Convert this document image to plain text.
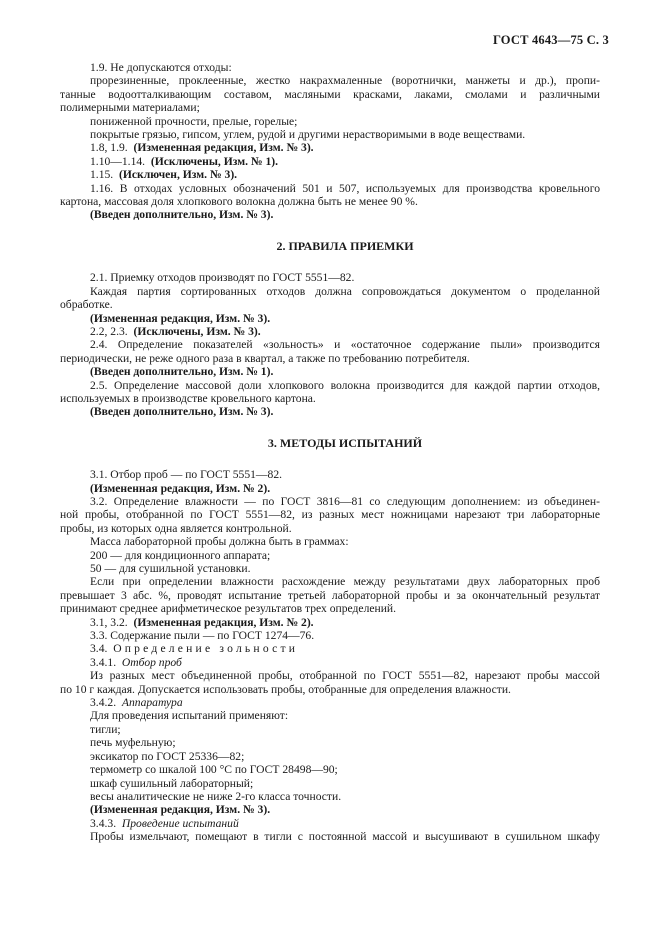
ГОСТ 4643—75 С. 3

1.9. Не допускаются отходы:

прорезиненные, проклеенные, жестко накрахмаленные (воротнички, манжеты и др.), пропи-

танные водоотталкивающим составом, масляными красками, лаками, смолами и различными

полимерными материалами;

пониженной прочности, прелые, горелые;

покрытые грязью, гипсом, углем, рудой и другими нерастворимыми в воде веществами.

1.8, 1.9.  (Измененная редакция, Изм. № 3).

1.10—1.14.  (Исключены, Изм. № 1).

1.15.  (Исключен, Изм. № 3).

1.16. В отходах условных обозначений 501 и 507, используемых для производства кровельного

картона, массовая доля хлопкового волокна должна быть не менее 90 %.

(Введен дополнительно, Изм. № 3).

2. ПРАВИЛА ПРИЕМКИ

2.1. Приемку отходов производят по ГОСТ 5551—82.

Каждая партия сортированных отходов должна сопровождаться документом о проделанной

обработке.

(Измененная редакция, Изм. № 3).

2.2, 2.3.  (Исключены, Изм. № 3).

2.4. Определение показателей «зольность» и «остаточное содержание пыли» производится

периодически, не реже одного раза в квартал, а также по требованию потребителя.

(Введен дополнительно, Изм. № 1).

2.5. Определение массовой доли хлопкового волокна производится для каждой партии отходов,

используемых в производстве кровельного картона.

(Введен дополнительно, Изм. № 3).

3. МЕТОДЫ ИСПЫТАНИЙ

3.1. Отбор проб — по ГОСТ 5551—82.

(Измененная редакция, Изм. № 2).

3.2. Определение влажности — по ГОСТ 3816—81 со следующим дополнением: из объединен-

ной пробы, отобранной по ГОСТ 5551—82, из разных мест ножницами нарезают три лабораторные

пробы, из которых одна является контрольной.

Масса лабораторной пробы должна быть в граммах:

200 — для кондиционного аппарата;

50 — для сушильной установки.

Если при определении влажности расхождение между результатами двух лабораторных проб

превышает 3 абс. %, проводят испытание третьей лабораторной пробы и за окончательный результат

принимают среднее арифметическое результатов трех определений.

3.1, 3.2.  (Измененная редакция, Изм. № 2).

3.3. Содержание пыли — по ГОСТ 1274—76.

3.4.  Определение зольности

3.4.1.  Отбор проб

Из разных мест объединенной пробы, отобранной по ГОСТ 5551—82, нарезают пробы массой

по 10 г каждая. Допускается использовать пробы, отобранные для определения влажности.

3.4.2.  Аппаратура

Для проведения испытаний применяют:

тигли;

печь муфельную;

эксикатор по ГОСТ 25336—82;

термометр со шкалой 100 °С по ГОСТ 28498—90;

шкаф сушильный лабораторный;

весы аналитические не ниже 2-го класса точности.

(Измененная редакция, Изм. № 3).

3.4.3.  Проведение испытаний

Пробы измельчают, помещают в тигли с постоянной массой и высушивают в сушильном шкафу
